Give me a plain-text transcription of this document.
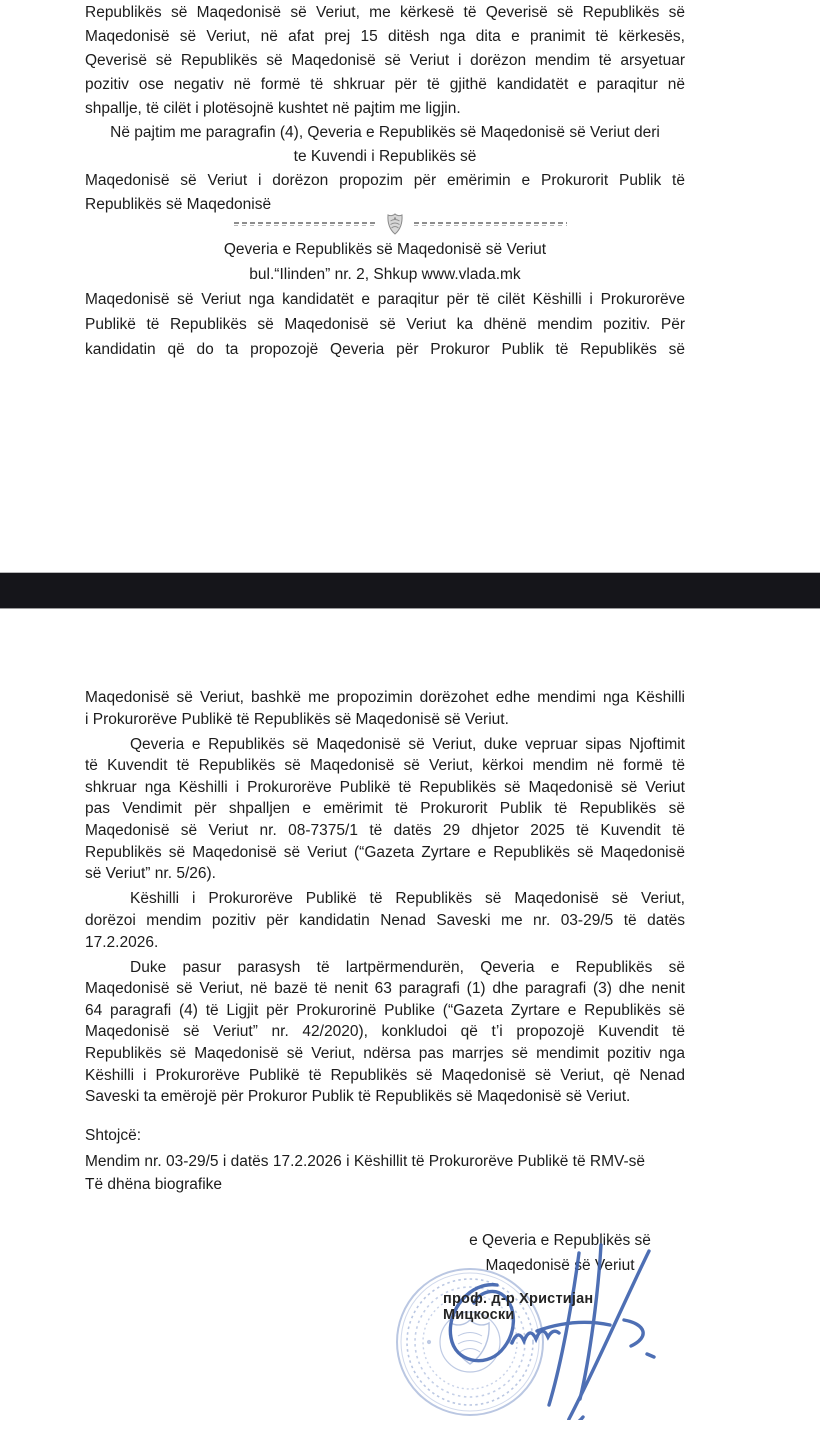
Republikës së Maqedonisë së Veriut, me kërkesë të Qeverisë së Republikës së
Maqedonisë së Veriut, në afat prej 15 ditësh nga dita e pranimit të kërkesës,
Qeverisë së Republikës së Maqedonisë së Veriut i dorëzon mendim të arsyetuar
pozitiv ose negativ në formë të shkruar për të gjithë kandidatët e paraqitur në
shpallje, të cilët i plotësojnë kushtet në pajtim me ligjin.
Në pajtim me paragrafin (4), Qeveria e Republikës së Maqedonisë së Veriut deri
te Kuvendi i Republikës së
Maqedonisë së Veriut i dorëzon propozim për emërimin e Prokurorit Publik të
Republikës së Maqedonisë
Qeveria e Republikës së Maqedonisë së Veriut
bul.“Ilinden” nr. 2, Shkup www.vlada.mk
Maqedonisë së Veriut nga kandidatët e paraqitur për të cilët Këshilli i Prokurorëve
Publikë të Republikës së Maqedonisë së Veriut ka dhënë mendim pozitiv. Për
kandidatin që do ta propozojë Qeveria për Prokuror Publik të Republikës së
Maqedonisë së Veriut, bashkë me propozimin dorëzohet edhe mendimi nga Këshilli
i Prokurorëve Publikë të Republikës së Maqedonisë së Veriut.
Qeveria e Republikës së Maqedonisë së Veriut, duke vepruar sipas Njoftimit
të Kuvendit të Republikës së Maqedonisë së Veriut, kërkoi mendim në formë të
shkruar nga Këshilli i Prokurorëve Publikë të Republikës së Maqedonisë së Veriut
pas Vendimit për shpalljen e emërimit të Prokurorit Publik të Republikës së
Maqedonisë së Veriut nr. 08-7375/1 të datës 29 dhjetor 2025 të Kuvendit të
Republikës së Maqedonisë së Veriut (“Gazeta Zyrtare e Republikës së Maqedonisë
së Veriut” nr. 5/26).
Këshilli i Prokurorëve Publikë të Republikës së Maqedonisë së Veriut,
dorëzoi mendim pozitiv për kandidatin Nenad Saveski me nr. 03-29/5 të datës
17.2.2026.
Duke pasur parasysh të lartpërmendurën, Qeveria e Republikës së
Maqedonisë së Veriut, në bazë të nenit 63 paragrafi (1) dhe paragrafi (3) dhe nenit
64 paragrafi (4) të Ligjit për Prokurorinë Publike (“Gazeta Zyrtare e Republikës së
Maqedonisë së Veriut” nr. 42/2020), konkludoi që t’i propozojë Kuvendit të
Republikës së Maqedonisë së Veriut, ndërsa pas marrjes së mendimit pozitiv nga
Këshilli i Prokurorëve Publikë të Republikës së Maqedonisë së Veriut, që Nenad
Saveski ta emërojë për Prokuror Publik të Republikës së Maqedonisë së Veriut.
Shtojcë:
Mendim nr. 03-29/5 i datës 17.2.2026 i Këshillit të Prokurorëve Publikë të RMV-së
Të dhëna biografike
e Qeveria e Republikës së
Maqedonisë së Veriut
проф. д-р Христијан Мицкоски
